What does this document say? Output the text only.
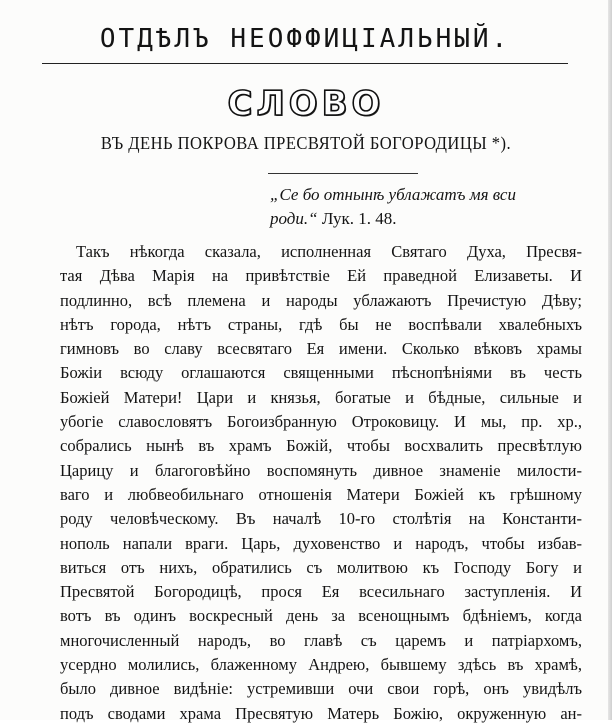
ОТДѢЛЪ НЕОФФИЦІАЛЬНЫЙ.
СЛОВО
ВЪ ДЕНЬ ПОКРОВА ПРЕСВЯТОЙ БОГОРОДИЦЫ *).
„Се бо отнынѣ ублажатъ мя вси
роди.“ Лук. 1. 48.
Такъ нѣкогда сказала, исполненная Святаго Духа, Пресвя-
тая Дѣва Марія на привѣтствіе Ей праведной Елизаветы. И
подлинно, всѣ племена и народы ублажаютъ Пречистую Дѣву;
нѣтъ города, нѣтъ страны, гдѣ бы не воспѣвали хвалебныхъ
гимновъ во славу всесвятаго Ея имени. Сколько вѣковъ храмы
Божіи всюду оглашаются священными пѣснопѣніями въ честь
Божіей Матери! Цари и князья, богатые и бѣдные, сильные и
убогіе славословятъ Богоизбранную Отроковицу. И мы, пр. хр.,
собрались нынѣ въ храмъ Божій, чтобы восхвалить пресвѣтлую
Царицу и благоговѣйно воспомянуть дивное знаменіе милости-
ваго и любвеобильнаго отношенія Матери Божіей къ грѣшному
роду человѣческому. Въ началѣ 10-го столѣтія на Константи-
нополь напали враги. Царь, духовенство и народъ, чтобы избав-
виться отъ нихъ, обратились съ молитвою къ Господу Богу и
Пресвятой Богородицѣ, прося Ея всесильнаго заступленія. И
вотъ въ одинъ воскресный день за всенощнымъ бдѣніемъ, когда
многочисленный народъ, во главѣ съ царемъ и патріархомъ,
усердно молились, блаженному Андрею, бывшему здѣсь въ храмѣ,
было дивное видѣніе: устремивши очи свои горѣ, онъ увидѣлъ
подъ сводами храма Пресвятую Матерь Божію, окруженную ан-
